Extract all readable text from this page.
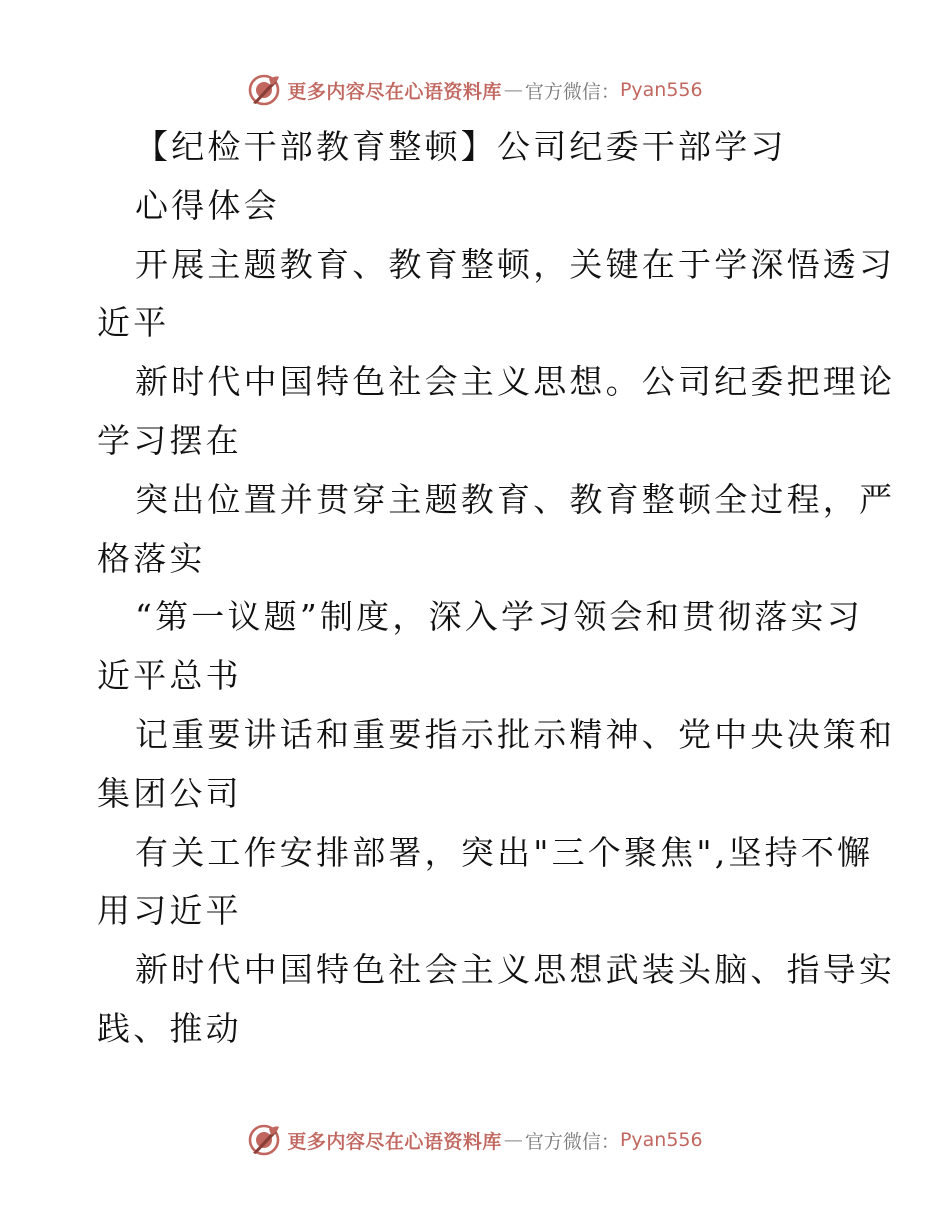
更多内容尽在心语资料库 — 官方微信： Pyan556
【纪检干部教育整顿】公司纪委干部学习
心得体会
开展主题教育、教育整顿，关键在于学深悟透习
近平
新时代中国特色社会主义思想。公司纪委把理论
学习摆在
突出位置并贯穿主题教育、教育整顿全过程，严
格落实
“第一议题”制度，深入学习领会和贯彻落实习
近平总书
记重要讲话和重要指示批示精神、党中央决策和
集团公司
有关工作安排部署，突出"三个聚焦",坚持不懈
用习近平
新时代中国特色社会主义思想武装头脑、指导实
践、推动
更多内容尽在心语资料库 — 官方微信： Pyan556
